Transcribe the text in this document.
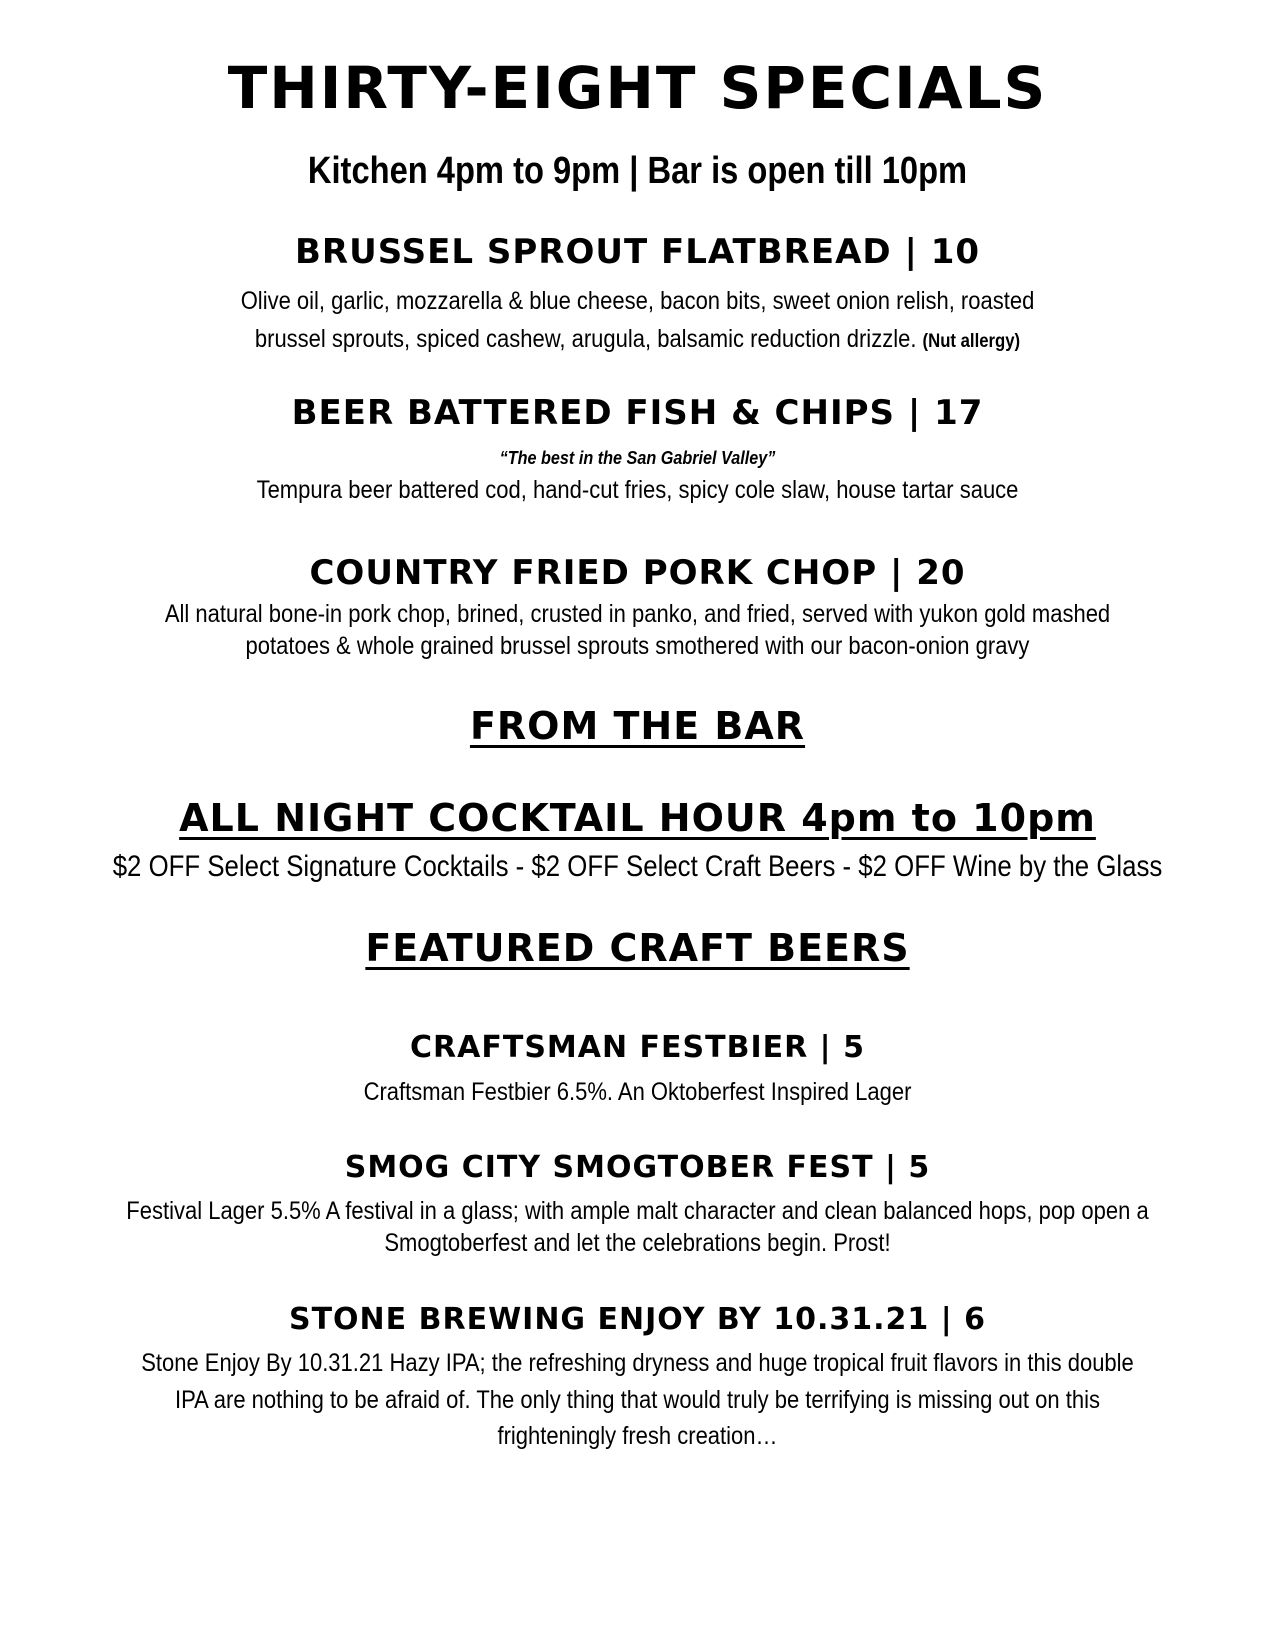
THIRTY-EIGHT SPECIALS
Kitchen 4pm to 9pm | Bar is open till 10pm
BRUSSEL SPROUT FLATBREAD | 10
Olive oil, garlic, mozzarella & blue cheese, bacon bits, sweet onion relish, roasted
brussel sprouts, spiced cashew, arugula, balsamic reduction drizzle. (Nut allergy)
BEER BATTERED FISH & CHIPS | 17
“The best in the San Gabriel Valley”
Tempura beer battered cod, hand-cut fries, spicy cole slaw, house tartar sauce
COUNTRY FRIED PORK CHOP | 20
All natural bone-in pork chop, brined, crusted in panko, and fried, served with yukon gold mashed
potatoes & whole grained brussel sprouts smothered with our bacon-onion gravy
FROM THE BAR
ALL NIGHT COCKTAIL HOUR 4pm to 10pm
$2 OFF Select Signature Cocktails - $2 OFF Select Craft Beers - $2 OFF Wine by the Glass
FEATURED CRAFT BEERS
CRAFTSMAN FESTBIER | 5
Craftsman Festbier 6.5%. An Oktoberfest Inspired Lager
SMOG CITY SMOGTOBER FEST | 5
Festival Lager 5.5% A festival in a glass; with ample malt character and clean balanced hops, pop open a
Smogtoberfest and let the celebrations begin. Prost!
STONE BREWING ENJOY BY 10.31.21 | 6
Stone Enjoy By 10.31.21 Hazy IPA; the refreshing dryness and huge tropical fruit flavors in this double
IPA are nothing to be afraid of. The only thing that would truly be terrifying is missing out on this
frighteningly fresh creation…
